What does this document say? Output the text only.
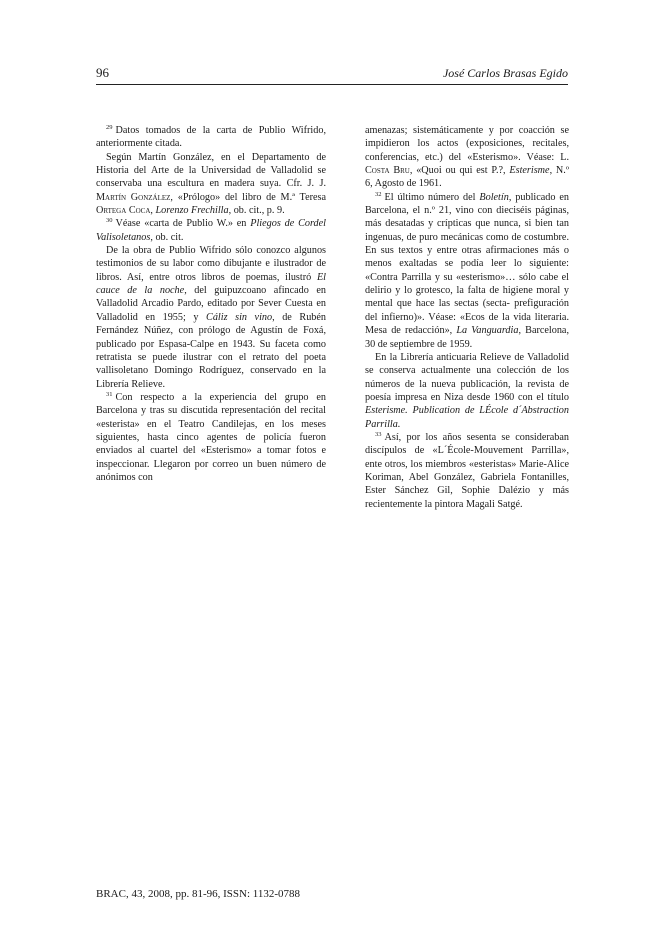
96	José Carlos Brasas Egido

$^{29}$ Datos tomados de la carta de Publio Wifrido, anteriormente citada.

Según Martín González, en el Departamento de Historia del Arte de la Universidad de Valladolid se conservaba una escultura en madera suya. Cfr. J. J. Martín González, «Prólogo» del libro de M.ª Teresa Ortega Coca, Lorenzo Frechilla, ob. cit., p. 9.

$^{30}$ Véase «carta de Publio W.» en Pliegos de Cordel Valisoletanos, ob. cit.

De la obra de Publio Wifrido sólo conozco algunos testimonios de su labor como dibujante e ilustrador de libros. Así, entre otros libros de poemas, ilustró El cauce de la noche, del guipuzcoano afincado en Valladolid Arcadio Pardo, editado por Sever Cuesta en Valladolid en 1955; y Cáliz sin vino, de Rubén Fernández Núñez, con prólogo de Agustín de Foxá, publicado por Espasa-Calpe en 1943. Su faceta como retratista se puede ilustrar con el retrato del poeta vallisoletano Domingo Rodríguez, conservado en la Librería Relieve.

$^{31}$ Con respecto a la experiencia del grupo en Barcelona y tras su discutida representación del recital «esterista» en el Teatro Candilejas, en los meses siguientes, hasta cinco agentes de policía fueron enviados al cuartel del «Esterismo» a tomar fotos e inspeccionar. Llegaron por correo un buen número de anónimos con

amenazas; sistemáticamente y por coacción se impidieron los actos (exposiciones, recitales, conferencias, etc.) del «Esterismo». Véase: L. Costa Bru, «Quoi ou qui est P.?, Esterisme, N.º 6, Agosto de 1961.

$^{32}$ El último número del Boletín, publicado en Barcelona, el n.º 21, vino con dieciséis páginas, más desatadas y crípticas que nunca, si bien tan ingenuas, de puro mecánicas como de costumbre. En sus textos y entre otras afirmaciones más o menos exaltadas se podía leer lo siguiente: «Contra Parrilla y su «esterismo»… sólo cabe el delirio y lo grotesco, la falta de higiene moral y mental que hace las sectas (secta- prefiguración del infierno)». Véase: «Ecos de la vida literaria. Mesa de redacción», La Vanguardia, Barcelona, 30 de septiembre de 1959.

En la Librería anticuaria Relieve de Valladolid se conserva actualmente una colección de los números de la nueva publicación, la revista de poesía impresa en Niza desde 1960 con el título Esterisme. Publication de LÉcole d´Abstraction Parrilla.

$^{33}$ Así, por los años sesenta se consideraban discípulos de «L´École-Mouvement Parrilla», ente otros, los miembros «esteristas» Marie-Alice Koriman, Abel González, Gabriela Fontanilles, Ester Sánchez Gil, Sophie Dalézio y más recientemente la pintora Magali Satgé.

BRAC, 43, 2008, pp. 81-96, ISSN: 1132-0788
